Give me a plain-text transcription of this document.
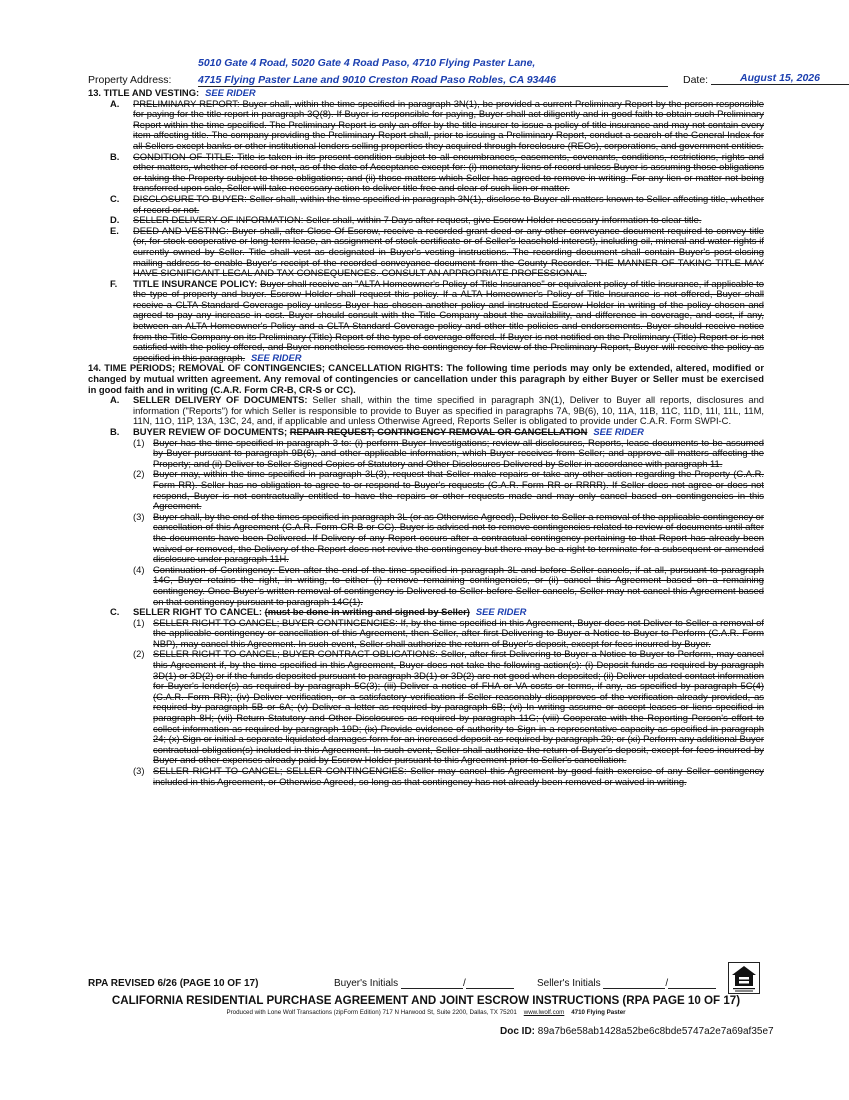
5010 Gate 4 Road, 5020 Gate 4 Road Paso, 4710 Flying Paster Lane,
Property Address:	4715 Flying Paster Lane and 9010 Creston Road Paso Robles, CA 93446	Date:	August 15, 2026

13. TITLE AND VESTING: SEE RIDER

A. PRELIMINARY REPORT: Buyer shall, within the time specified in paragraph 3N(1), be provided a current Preliminary Report by the person responsible for paying for the title report in paragraph 3Q(8). If Buyer is responsible for paying, Buyer shall act diligently and in good faith to obtain such Preliminary Report within the time specified. The Preliminary Report is only an offer by the title insurer to issue a policy of title insurance and may not contain every item affecting title. The company providing the Preliminary Report shall, prior to issuing a Preliminary Report, conduct a search of the General Index for all Sellers except banks or other institutional lenders selling properties they acquired through foreclosure (REOs), corporations, and government entities.

B. CONDITION OF TITLE: Title is taken in its present condition subject to all encumbrances, easements, covenants, conditions, restrictions, rights and other matters, whether of record or not, as of the date of Acceptance except for: (i) monetary liens of record unless Buyer is assuming those obligations or taking the Property subject to those obligations; and (ii) those matters which Seller has agreed to remove in writing. For any lien or matter not being transferred upon sale, Seller will take necessary action to deliver title free and clear of such lien or matter.

C. DISCLOSURE TO BUYER: Seller shall, within the time specified in paragraph 3N(1), disclose to Buyer all matters known to Seller affecting title, whether of record or not.

D. SELLER DELIVERY OF INFORMATION: Seller shall, within 7 Days after request, give Escrow Holder necessary information to clear title.

E. DEED AND VESTING: Buyer shall, after Close Of Escrow, receive a recorded grant deed or any other conveyance document required to convey title (or, for stock cooperative or long-term lease, an assignment of stock certificate or of Seller's leasehold interest), including oil, mineral and water rights if currently owned by Seller. Title shall vest as designated in Buyer's vesting instructions. The recording document shall contain Buyer's post-closing mailing address to enable Buyer's receipt of the recorded conveyance document from the County Recorder. THE MANNER OF TAKING TITLE MAY HAVE SIGNIFICANT LEGAL AND TAX CONSEQUENCES. CONSULT AN APPROPRIATE PROFESSIONAL.

F. TITLE INSURANCE POLICY: Buyer shall receive an "ALTA Homeowner's Policy of Title Insurance" or equivalent policy of title insurance, if applicable to the type of property and buyer. Escrow Holder shall request this policy. If a ALTA Homeowner's Policy of Title Insurance is not offered, Buyer shall receive a CLTA Standard Coverage policy unless Buyer has chosen another policy and instructed Escrow Holder in writing of the policy chosen and agreed to pay any increase in cost. Buyer should consult with the Title Company about the availability, and difference in coverage, and cost, if any, between an ALTA Homeowner's Policy and a CLTA Standard Coverage policy and other title policies and endorsements. Buyer should receive notice from the Title Company on its Preliminary (Title) Report of the type of coverage offered. If Buyer is not notified on the Preliminary (Title) Report or is not satisfied with the policy offered, and Buyer nonetheless removes the contingency for Review of the Preliminary Report, Buyer will receive the policy as specified in this paragraph. SEE RIDER

14. TIME PERIODS; REMOVAL OF CONTINGENCIES; CANCELLATION RIGHTS: The following time periods may only be extended, altered, modified or changed by mutual written agreement. Any removal of contingencies or cancellation under this paragraph by either Buyer or Seller must be exercised in good faith and in writing (C.A.R. Form CR-B, CR-S or CC).

A. SELLER DELIVERY OF DOCUMENTS: Seller shall, within the time specified in paragraph 3N(1), Deliver to Buyer all reports, disclosures and information ("Reports") for which Seller is responsible to provide to Buyer as specified in paragraphs 7A, 9B(6), 10, 11A, 11B, 11C, 11D, 11I, 11L, 11M, 11N, 11O, 11P, 13A, 13C, 24, and, if applicable and unless Otherwise Agreed, Reports Seller is obligated to provide under C.A.R. Form SWPI-C.

B. BUYER REVIEW OF DOCUMENTS; REPAIR REQUEST; CONTINGENCY REMOVAL OR CANCELLATION SEE RIDER

(1) Buyer has the time specified in paragraph 3 to: (i) perform Buyer Investigations; review all disclosures, Reports, lease documents to be assumed by Buyer pursuant to paragraph 9B(6), and other applicable information, which Buyer receives from Seller; and approve all matters affecting the Property; and (ii) Deliver to Seller Signed Copies of Statutory and Other Disclosures Delivered by Seller in accordance with paragraph 11.

(2) Buyer may, within the time specified in paragraph 3L(3), request that Seller make repairs or take any other action regarding the Property (C.A.R. Form RR). Seller has no obligation to agree to or respond to Buyer's requests (C.A.R. Form RR or RRRR). If Seller does not agree or does not respond, Buyer is not contractually entitled to have the repairs or other requests made and may only cancel based on contingencies in this Agreement.

(3) Buyer shall, by the end of the times specified in paragraph 3L (or as Otherwise Agreed), Deliver to Seller a removal of the applicable contingency or cancellation of this Agreement (C.A.R. Form CR-B or CC). Buyer is advised not to remove contingencies related to review of documents until after the documents have been Delivered. If Delivery of any Report occurs after a contractual contingency pertaining to that Report has already been waived or removed, the Delivery of the Report does not revive the contingency but there may be a right to terminate for a subsequent or amended disclosure under paragraph 11H.

(4) Continuation of Contingency: Even after the end of the time specified in paragraph 3L and before Seller cancels, if at all, pursuant to paragraph 14C, Buyer retains the right, in writing, to either (i) remove remaining contingencies, or (ii) cancel this Agreement based on a remaining contingency. Once Buyer's written removal of contingency is Delivered to Seller before Seller cancels, Seller may not cancel this Agreement based on that contingency pursuant to paragraph 14C(1).

C. SELLER RIGHT TO CANCEL: (must be done in writing and signed by Seller) SEE RIDER

(1) SELLER RIGHT TO CANCEL; BUYER CONTINGENCIES: If, by the time specified in this Agreement, Buyer does not Deliver to Seller a removal of the applicable contingency or cancellation of this Agreement, then Seller, after first Delivering to Buyer a Notice to Buyer to Perform (C.A.R. Form NBP), may cancel this Agreement. In such event, Seller shall authorize the return of Buyer's deposit, except for fees incurred by Buyer.

(2) SELLER RIGHT TO CANCEL; BUYER CONTRACT OBLIGATIONS: Seller, after first Delivering to Buyer a Notice to Buyer to Perform, may cancel this Agreement if, by the time specified in this Agreement, Buyer does not take the following action(s): (i) Deposit funds as required by paragraph 3D(1) or 3D(2) or if the funds deposited pursuant to paragraph 3D(1) or 3D(2) are not good when deposited; (ii) Deliver updated contact information for Buyer's lender(s) as required by paragraph 5C(3); (iii) Deliver a notice of FHA or VA costs or terms, if any, as specified by paragraph 5C(4) (C.A.R. Form RR); (iv) Deliver verification, or a satisfactory verification if Seller reasonably disapproves of the verification already provided, as required by paragraph 5B or 6A; (v) Deliver a letter as required by paragraph 6B; (vi) In writing assume or accept leases or liens specified in paragraph 8H; (vii) Return Statutory and Other Disclosures as required by paragraph 11G; (viii) Cooperate with the Reporting Person's effort to collect information as required by paragraph 19D; (ix) Provide evidence of authority to Sign in a representative capacity as specified in paragraph 24; (x) Sign or initial a separate liquidated damages form for an increased deposit as required by paragraph 29; or (xi) Perform any additional Buyer contractual obligation(s) included in this Agreement. In such event, Seller shall authorize the return of Buyer's deposit, except for fees incurred by Buyer and other expenses already paid by Escrow Holder pursuant to this Agreement prior to Seller's cancellation.

(3) SELLER RIGHT TO CANCEL; SELLER CONTINGENCIES: Seller may cancel this Agreement by good faith exercise of any Seller contingency included in this Agreement, or Otherwise Agreed, so long as that contingency has not already been removed or waived in writing.

RPA REVISED 6/26 (PAGE 10 OF 17)	Buyer's Initials	/	Seller's Initials	/
CALIFORNIA RESIDENTIAL PURCHASE AGREEMENT AND JOINT ESCROW INSTRUCTIONS (RPA PAGE 10 OF 17)
Produced with Lone Wolf Transactions (zipForm Edition) 717 N Harwood St, Suite 2200, Dallas, TX 75201 www.lwolf.com 4710 Flying Paster
Doc ID: 89a7b6e58ab1428a52be6c8bde5747a2e7a69af35e7
